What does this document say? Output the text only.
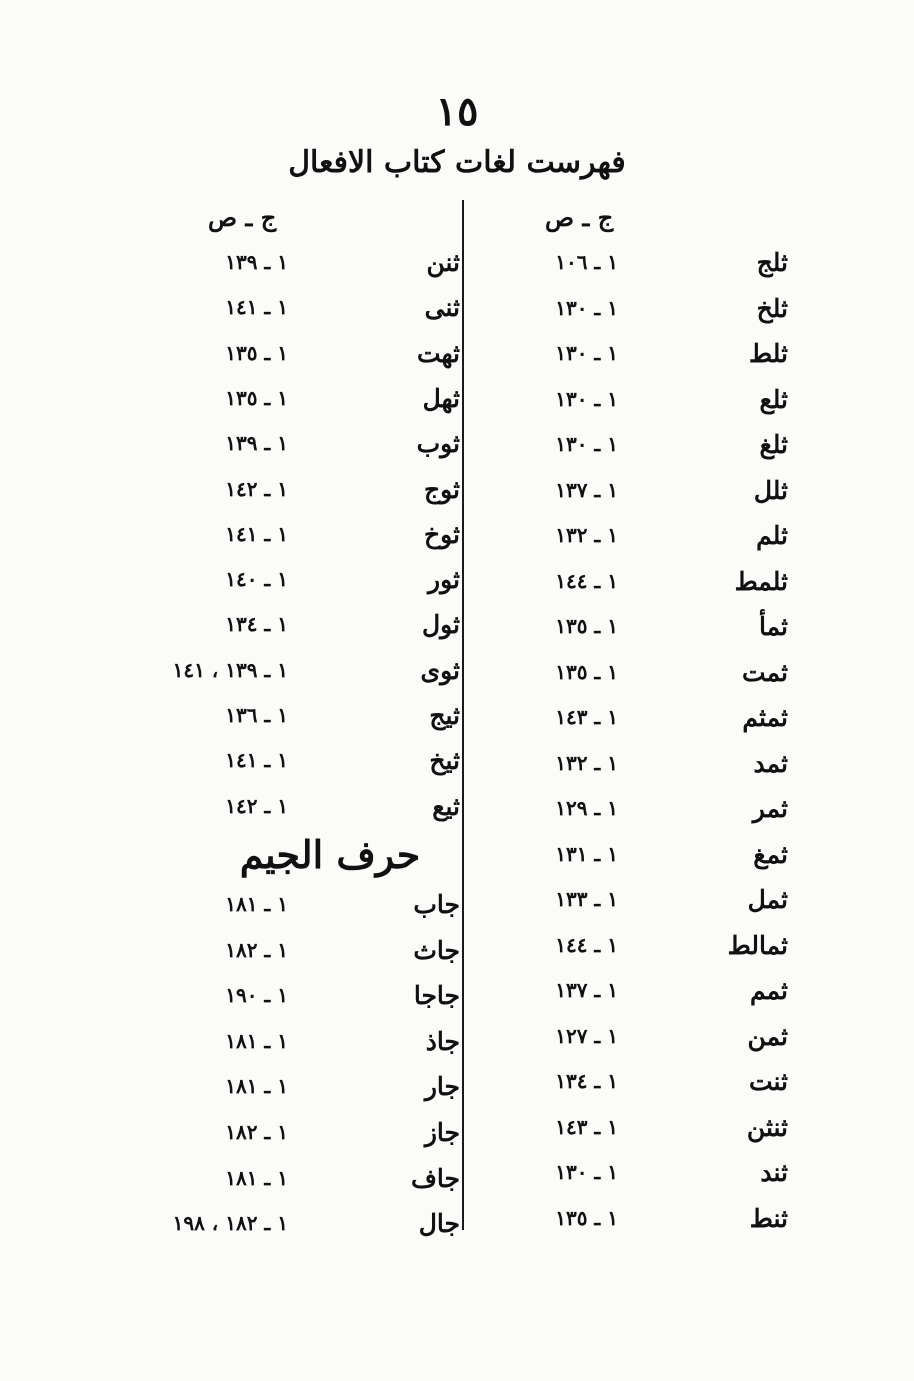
١٥
فهرست لغات كتاب الافعال
ج ـ ص
ج ـ ص
ثلج
١ ـ ١٠٦
ثلخ
١ ـ ١٣٠
ثلط
١ ـ ١٣٠
ثلع
١ ـ ١٣٠
ثلغ
١ ـ ١٣٠
ثلل
١ ـ ١٣٧
ثلم
١ ـ ١٣٢
ثلمط
١ ـ ١٤٤
ثمأ
١ ـ ١٣٥
ثمت
١ ـ ١٣٥
ثمثم
١ ـ ١٤٣
ثمد
١ ـ ١٣٢
ثمر
١ ـ ١٢٩
ثمغ
١ ـ ١٣١
ثمل
١ ـ ١٣٣
ثمالط
١ ـ ١٤٤
ثمم
١ ـ ١٣٧
ثمن
١ ـ ١٢٧
ثنت
١ ـ ١٣٤
ثنثن
١ ـ ١٤٣
ثند
١ ـ ١٣٠
ثنط
١ ـ ١٣٥
ثنن
١ ـ ١٣٩
ثنى
١ ـ ١٤١
ثهت
١ ـ ١٣٥
ثهل
١ ـ ١٣٥
ثوب
١ ـ ١٣٩
ثوج
١ ـ ١٤٢
ثوخ
١ ـ ١٤١
ثور
١ ـ ١٤٠
ثول
١ ـ ١٣٤
ثوى
١ ـ ١٣٩ ، ١٤١
ثيج
١ ـ ١٣٦
ثيخ
١ ـ ١٤١
ثيع
١ ـ ١٤٢
جاب
١ ـ ١٨١
جاث
١ ـ ١٨٢
جاجا
١ ـ ١٩٠
جاذ
١ ـ ١٨١
جار
١ ـ ١٨١
جاز
١ ـ ١٨٢
جاف
١ ـ ١٨١
جال
١ ـ ١٨٢ ، ١٩٨
حرف الجيم
